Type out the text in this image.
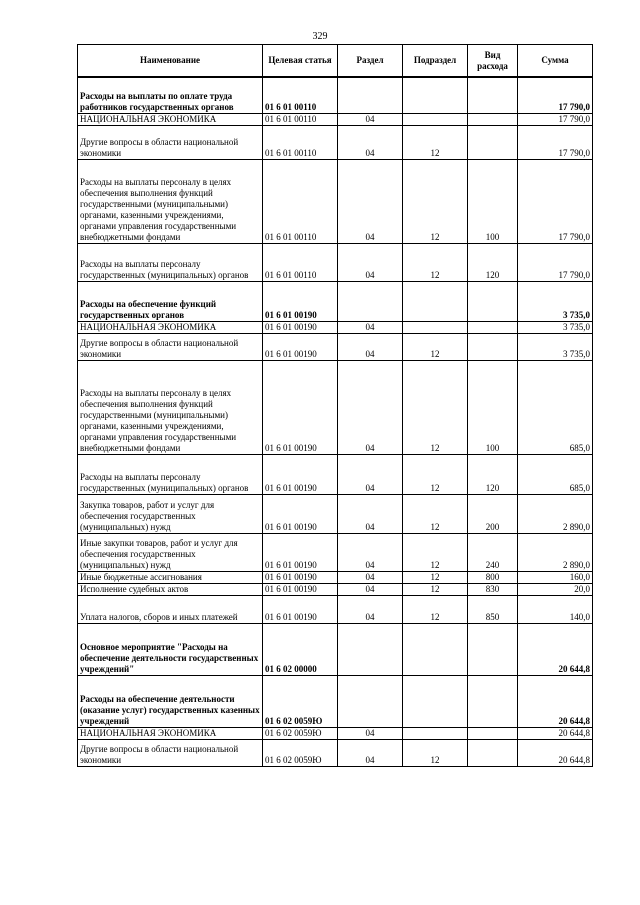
329
Наименование	Целевая статья	Раздел	Подраздел	Вид расхода	Сумма
Расходы на выплаты по оплате труда работников государственных органов	01 6 01 00110				17 790,0
НАЦИОНАЛЬНАЯ ЭКОНОМИКА	01 6 01 00110	04			17 790,0
Другие вопросы в области национальной экономики	01 6 01 00110	04	12		17 790,0
Расходы на выплаты персоналу в целях обеспечения выполнения функций государственными (муниципальными) органами, казенными учреждениями, органами управления государственными внебюджетными фондами	01 6 01 00110	04	12	100	17 790,0
Расходы на выплаты персоналу государственных (муниципальных) органов	01 6 01 00110	04	12	120	17 790,0
Расходы на обеспечение функций государственных органов	01 6 01 00190				3 735,0
НАЦИОНАЛЬНАЯ ЭКОНОМИКА	01 6 01 00190	04			3 735,0
Другие вопросы в области национальной экономики	01 6 01 00190	04	12		3 735,0
Расходы на выплаты персоналу в целях обеспечения выполнения функций государственными (муниципальными) органами, казенными учреждениями, органами управления государственными внебюджетными фондами	01 6 01 00190	04	12	100	685,0
Расходы на выплаты персоналу государственных (муниципальных) органов	01 6 01 00190	04	12	120	685,0
Закупка товаров, работ и услуг для обеспечения государственных (муниципальных) нужд	01 6 01 00190	04	12	200	2 890,0
Иные закупки товаров, работ и услуг для обеспечения государственных (муниципальных) нужд	01 6 01 00190	04	12	240	2 890,0
Иные бюджетные ассигнования	01 6 01 00190	04	12	800	160,0
Исполнение судебных актов	01 6 01 00190	04	12	830	20,0
Уплата налогов, сборов и иных платежей	01 6 01 00190	04	12	850	140,0
Основное мероприятие "Расходы на обеспечение деятельности государственных учреждений"	01 6 02 00000				20 644,8
Расходы на обеспечение деятельности (оказание услуг) государственных казенных учреждений	01 6 02 0059Ю				20 644,8
НАЦИОНАЛЬНАЯ ЭКОНОМИКА	01 6 02 0059Ю	04			20 644,8
Другие вопросы в области национальной экономики	01 6 02 0059Ю	04	12		20 644,8
